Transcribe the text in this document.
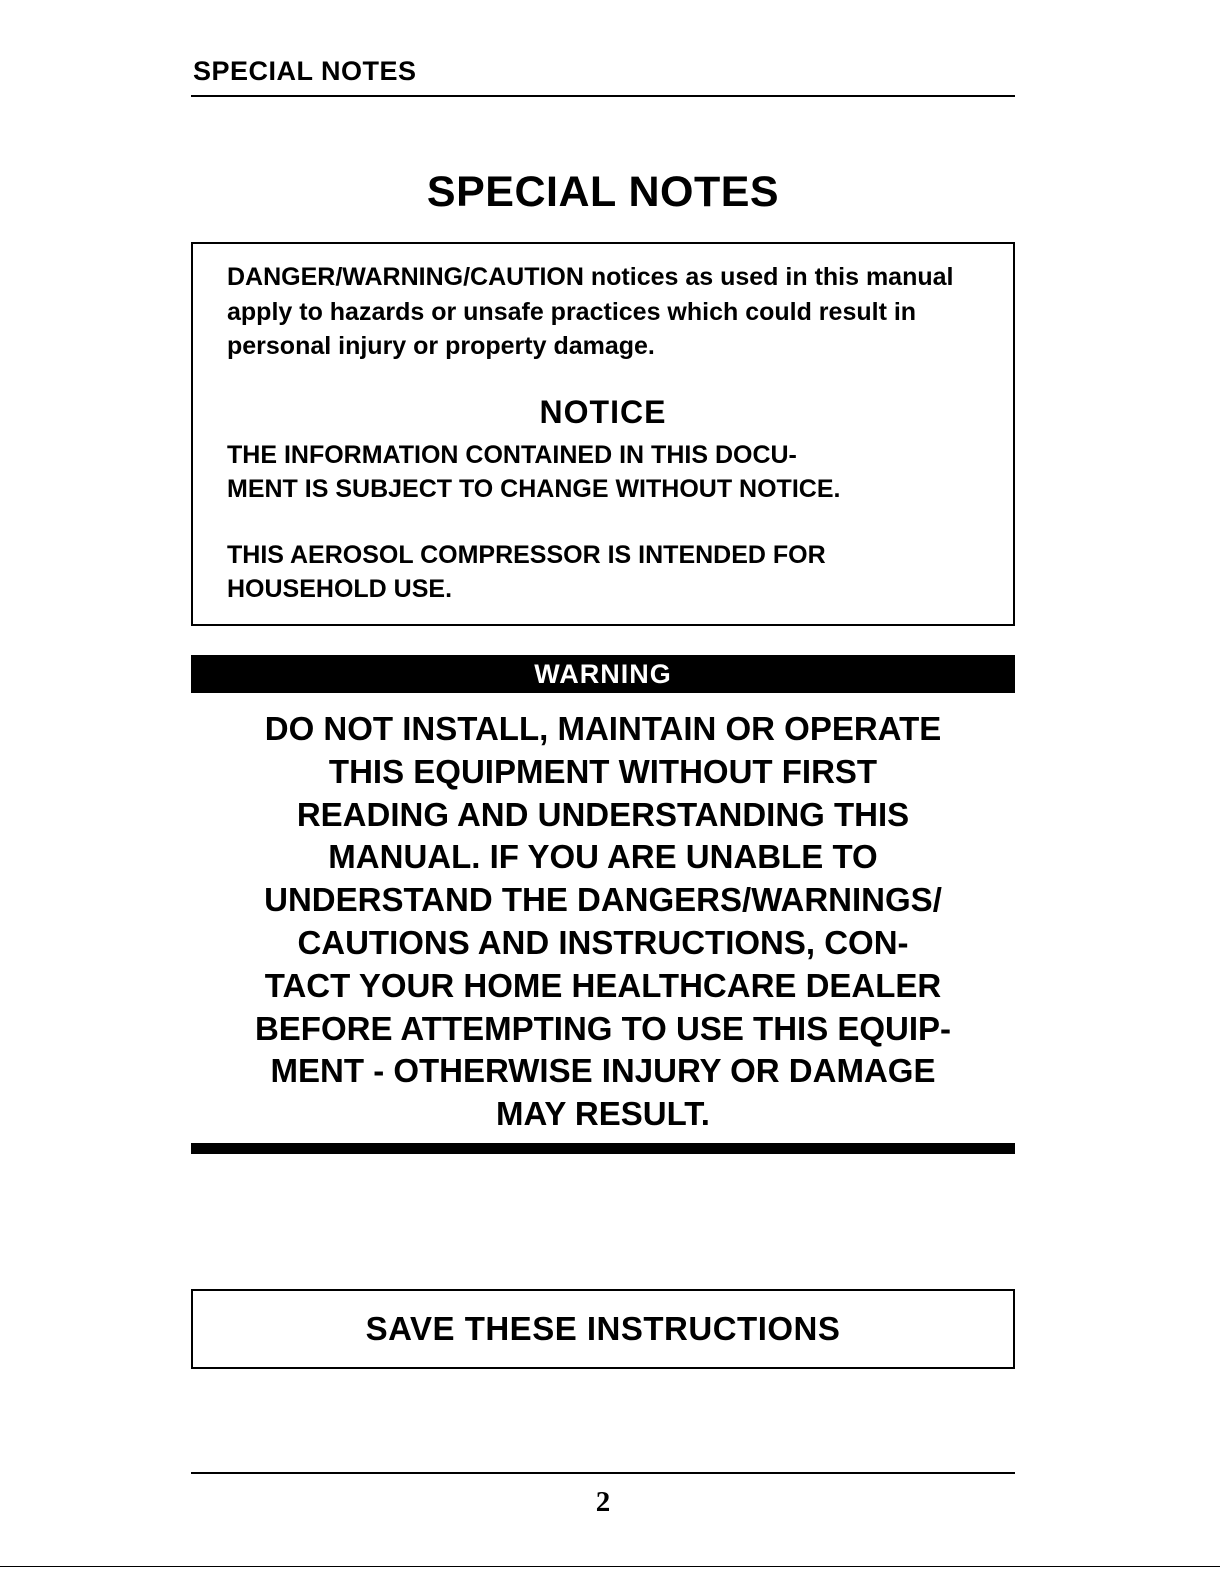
SPECIAL NOTES
SPECIAL NOTES

DANGER/WARNING/CAUTION notices as used in this manual apply to hazards or unsafe practices which could result in personal injury or property damage.

NOTICE

THE INFORMATION CONTAINED IN THIS DOCU-
MENT IS SUBJECT TO CHANGE WITHOUT NOTICE.

THIS AEROSOL COMPRESSOR IS INTENDED FOR
HOUSEHOLD USE.

WARNING

DO NOT INSTALL, MAINTAIN OR OPERATE
THIS EQUIPMENT WITHOUT FIRST
READING AND UNDERSTANDING THIS
MANUAL. IF YOU ARE UNABLE TO
UNDERSTAND THE DANGERS/WARNINGS/
CAUTIONS AND INSTRUCTIONS, CON-
TACT YOUR HOME HEALTHCARE DEALER
BEFORE ATTEMPTING TO USE THIS EQUIP-
MENT - OTHERWISE INJURY OR DAMAGE
MAY RESULT.

SAVE THESE INSTRUCTIONS
2
